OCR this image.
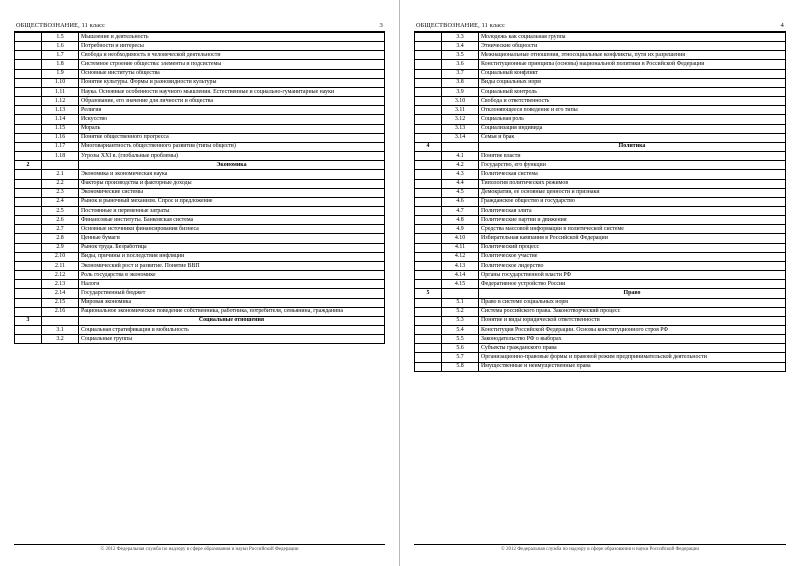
ОБЩЕСТВОЗНАНИЕ, 11 класс	3
	1.5	Мышление и деятельность
	1.6	Потребности и интересы
	1.7	Свобода и необходимость в человеческой деятельности
	1.8	Системное строение общества: элементы и подсистемы
	1.9	Основные институты общества
	1.10	Понятие культуры. Формы и разновидности культуры
	1.11	Наука. Основные особенности научного мышления. Естественные и социально-гуманитарные науки
	1.12	Образование, его значение для личности и общества
	1.13	Религия
	1.14	Искусство
	1.15	Мораль
	1.16	Понятие общественного прогресса
	1.17	Многовариантность общественного развития (типы обществ)
	1.18	Угрозы XXI в. (глобальные проблемы)
2		Экономика
	2.1	Экономика и экономическая наука
	2.2	Факторы производства и факторные доходы
	2.3	Экономические системы
	2.4	Рынок и рыночный механизм. Спрос и предложение
	2.5	Постоянные и переменные затраты
	2.6	Финансовые институты. Банковская система
	2.7	Основные источники финансирования бизнеса
	2.8	Ценные бумаги
	2.9	Рынок труда. Безработица
	2.10	Виды, причины и последствия инфляции
	2.11	Экономический рост и развитие. Понятие ВВП
	2.12	Роль государства в экономике
	2.13	Налоги
	2.14	Государственный бюджет
	2.15	Мировая экономика
	2.16	Рациональное экономическое поведение собственника, работника, потребителя, семьянина, гражданина
3		Социальные отношения
	3.1	Социальная стратификация и мобильность
	3.2	Социальные группы
© 2012 Федеральная служба по надзору в сфере образования и науки Российской Федерации
ОБЩЕСТВОЗНАНИЕ, 11 класс	4
	3.3	Молодежь как социальная группа
	3.4	Этнические общности
	3.5	Межнациональные отношения, этносоциальные конфликты, пути их разрешения
	3.6	Конституционные принципы (основы) национальной политики в Российской Федерации
	3.7	Социальный конфликт
	3.8	Виды социальных норм
	3.9	Социальный контроль
	3.10	Свобода и ответственность
	3.11	Отклоняющееся поведение и его типы
	3.12	Социальная роль
	3.13	Социализация индивида
	3.14	Семья и брак
4		Политика
	4.1	Понятие власти
	4.2	Государство, его функции
	4.3	Политическая система
	4.4	Типология политических режимов
	4.5	Демократия, ее основные ценности и признаки
	4.6	Гражданское общество и государство
	4.7	Политическая элита
	4.8	Политические партии и движения
	4.9	Средства массовой информации в политической системе
	4.10	Избирательная кампания в Российской Федерации
	4.11	Политический процесс
	4.12	Политическое участие
	4.13	Политическое лидерство
	4.14	Органы государственной власти РФ
	4.15	Федеративное устройство России
5		Право
	5.1	Право в системе социальных норм
	5.2	Система российского права. Законотворческий процесс
	5.3	Понятие и виды юридической ответственности
	5.4	Конституция Российской Федерации. Основы конституционного строя РФ
	5.5	Законодательство РФ о выборах
	5.6	Субъекты гражданского права
	5.7	Организационно-правовые формы и правовой режим предпринимательской деятельности
	5.8	Имущественные и неимущественные права
© 2012 Федеральная служба по надзору в сфере образования и науки Российской Федерации
